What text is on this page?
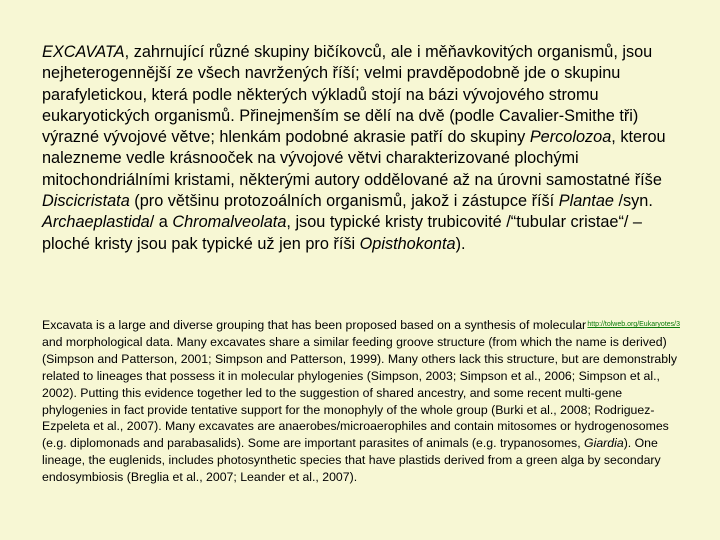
EXCAVATA, zahrnující různé skupiny bičíkovců, ale i měňavkovitých organismů, jsou nejheterogennější ze všech navržených říší; velmi pravděpodobně jde o skupinu parafyletickou, která podle některých výkladů stojí na bázi vývojového stromu eukaryotických organismů. Přinejmenším se dělí na dvě (podle Cavalier-Smithe tři) výrazné vývojové větve; hlenkám podobné akrasie patří do skupiny Percolozoa, kterou nalezneme vedle krásnooček na vývojové větvi charakterizované plochými mitochondriálními kristami, některými autory oddělované až na úrovni samostatné říše Discicristata (pro většinu protozoálních organismů, jakož i zástupce říší Plantae /syn. Archaeplastida/ a Chromalveolata, jsou typické kristy trubicovité /“tubular cristae“/ – ploché kristy jsou pak typické už jen pro říši Opisthokonta).

http://tolweb.org/Eukaryotes/3
Excavata is a large and diverse grouping that has been proposed based on a synthesis of molecular and morphological data. Many excavates share a similar feeding groove structure (from which the name is derived) (Simpson and Patterson, 2001; Simpson and Patterson, 1999). Many others lack this structure, but are demonstrably related to lineages that possess it in molecular phylogenies (Simpson, 2003; Simpson et al., 2006; Simpson et al., 2002). Putting this evidence together led to the suggestion of shared ancestry, and some recent multi-gene phylogenies in fact provide tentative support for the monophyly of the whole group (Burki et al., 2008; Rodriguez-Ezpeleta et al., 2007). Many excavates are anaerobes/microaerophiles and contain mitosomes or hydrogenosomes (e.g. diplomonads and parabasalids). Some are important parasites of animals (e.g. trypanosomes, Giardia). One lineage, the euglenids, includes photosynthetic species that have plastids derived from a green alga by secondary endosymbiosis (Breglia et al., 2007; Leander et al., 2007).
